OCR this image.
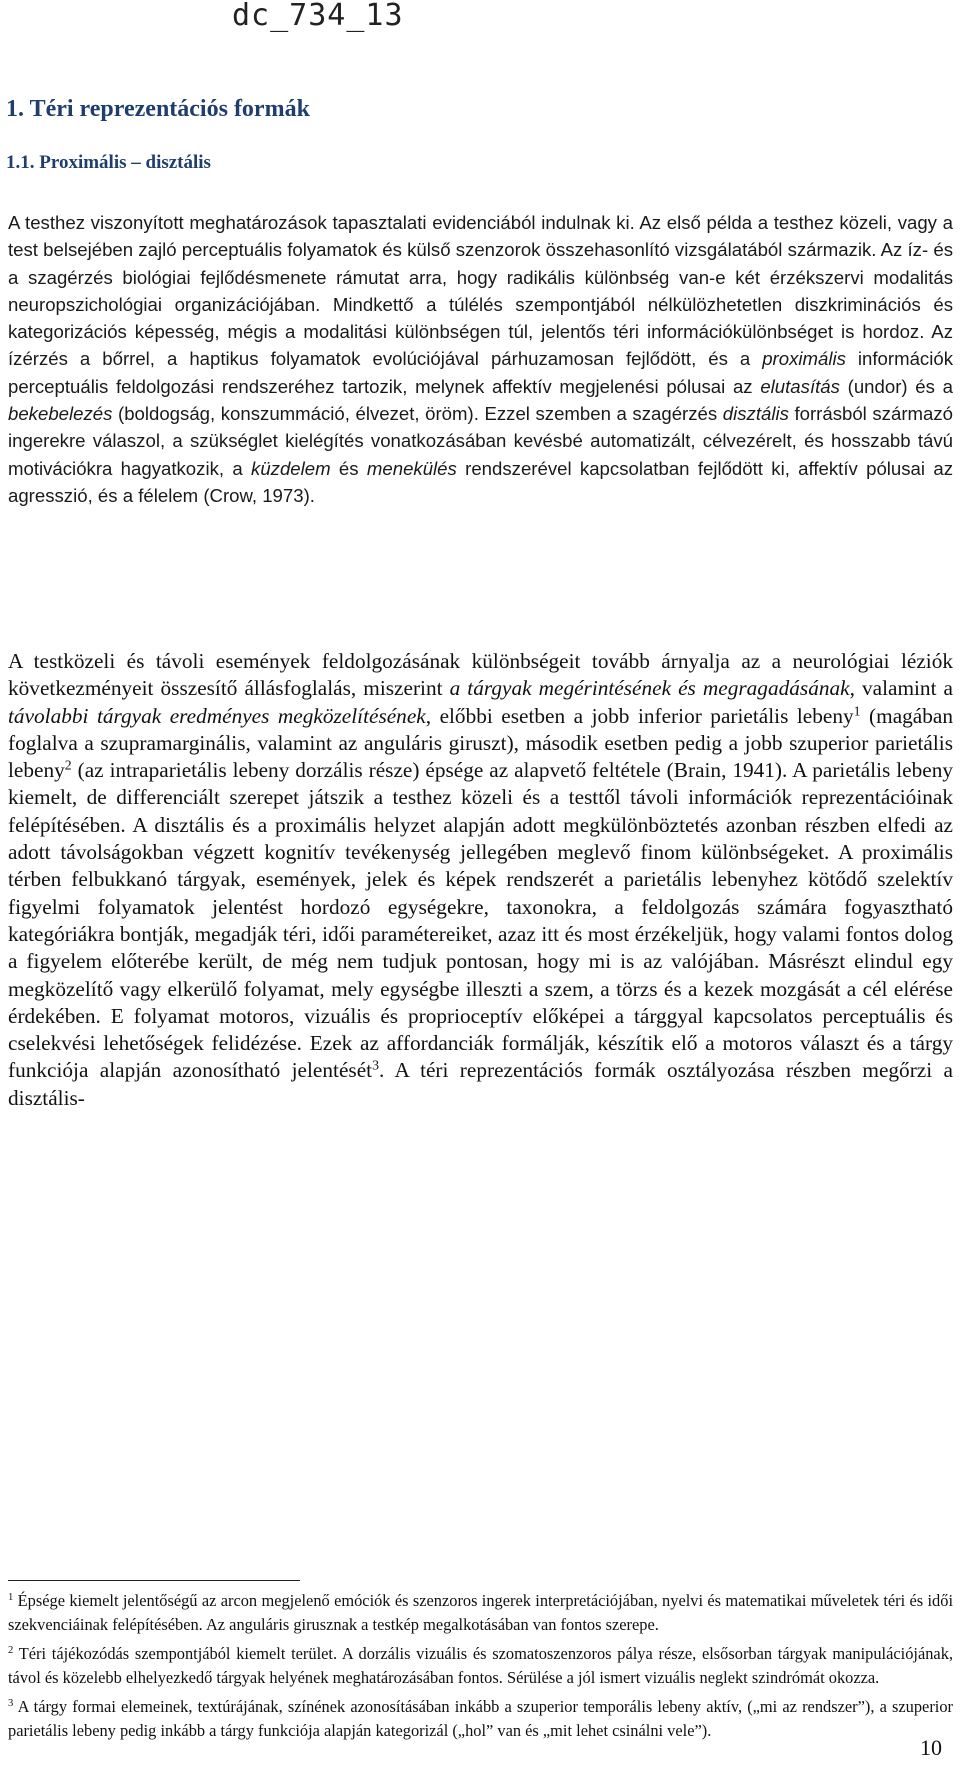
dc_734_13
1. Téri reprezentációs formák
1.1. Proximális – disztális

A testhez viszonyított meghatározások tapasztalati evidenciából indulnak ki. Az első példa a testhez közeli, vagy a test belsejében zajló perceptuális folyamatok és külső szenzorok összehasonlító vizsgálatából származik. Az íz- és a szagérzés biológiai fejlődésmenete rámutat arra, hogy radikális különbség van-e két érzékszervi modalitás neuropszichológiai organizációjában. Mindkettő a túlélés szempontjából nélkülözhetetlen diszkriminációs és kategorizációs képesség, mégis a modalitási különbségen túl, jelentős téri információkülönbséget is hordoz. Az ízérzés a bőrrel, a haptikus folyamatok evolúciójával párhuzamosan fejlődött, és a proximális információk perceptuális feldolgozási rendszeréhez tartozik, melynek affektív megjelenési pólusai az elutasítás (undor) és a bekebelezés (boldogság, konszummáció, élvezet, öröm). Ezzel szemben a szagérzés disztális forrásból származó ingerekre válaszol, a szükséglet kielégítés vonatkozásában kevésbé automatizált, célvezérelt, és hosszabb távú motivációkra hagyatkozik, a küzdelem és menekülés rendszerével kapcsolatban fejlődött ki, affektív pólusai az agresszió, és a félelem (Crow, 1973).

A testközeli és távoli események feldolgozásának különbségeit tovább árnyalja az a neurológiai léziók következményeit összesítő állásfoglalás, miszerint a tárgyak megérintésének és megragadásának, valamint a távolabbi tárgyak eredményes megközelítésének, előbbi esetben a jobb inferior parietális lebeny$^1$ (magában foglalva a szupramarginális, valamint az anguláris giruszt), második esetben pedig a jobb szuperior parietális lebeny$^2$ (az intraparietális lebeny dorzális része) épsége az alapvető feltétele (Brain, 1941). A parietális lebeny kiemelt, de differenciált szerepet játszik a testhez közeli és a testtől távoli információk reprezentációinak felépítésében. A disztális és a proximális helyzet alapján adott megkülönböztetés azonban részben elfedi az adott távolságokban végzett kognitív tevékenység jellegében meglevő finom különbségeket. A proximális térben felbukkanó tárgyak, események, jelek és képek rendszerét a parietális lebenyhez kötődő szelektív figyelmi folyamatok jelentést hordozó egységekre, taxonokra, a feldolgozás számára fogyasztható kategóriákra bontják, megadják téri, idői paramétereiket, azaz itt és most érzékeljük, hogy valami fontos dolog a figyelem előterébe került, de még nem tudjuk pontosan, hogy mi is az valójában. Másrészt elindul egy megközelítő vagy elkerülő folyamat, mely egységbe illeszti a szem, a törzs és a kezek mozgását a cél elérése érdekében. E folyamat motoros, vizuális és proprioceptív előképei a tárggyal kapcsolatos perceptuális és cselekvési lehetőségek felidézése. Ezek az affordanciák formálják, készítik elő a motoros választ és a tárgy funkciója alapján azonosítható jelentését$^3$. A téri reprezentációs formák osztályozása részben megőrzi a disztális-

$^1$ Épsége kiemelt jelentőségű az arcon megjelenő emóciók és szenzoros ingerek interpretációjában, nyelvi és matematikai műveletek téri és idői szekvenciáinak felépítésében. Az anguláris girusznak a testkép megalkotásában van fontos szerepe.

$^2$ Téri tájékozódás szempontjából kiemelt terület. A dorzális vizuális és szomatoszenzoros pálya része, elsősorban tárgyak manipulációjának, távol és közelebb elhelyezkedő tárgyak helyének meghatározásában fontos. Sérülése a jól ismert vizuális neglekt szindrómát okozza.

$^3$ A tárgy formai elemeinek, textúrájának, színének azonosításában inkább a szuperior temporális lebeny aktív, („mi az rendszer”), a szuperior parietális lebeny pedig inkább a tárgy funkciója alapján kategorizál („hol” van és „mit lehet csinálni vele”).

10
